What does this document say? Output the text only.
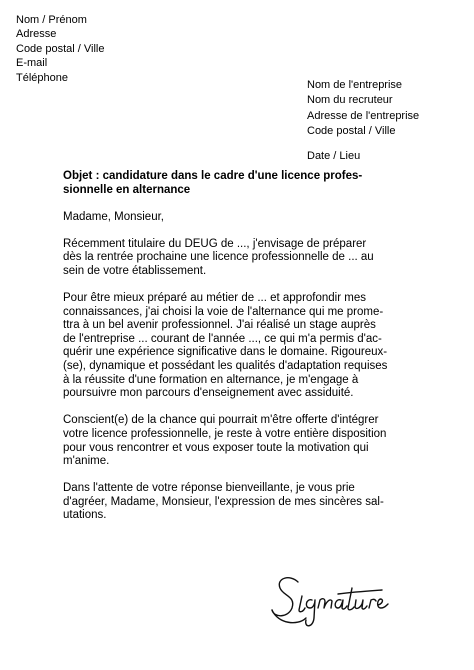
Nom / Prénom
Adresse
Code postal / Ville
E-mail
Téléphone
Nom de l'entreprise
Nom du recruteur
Adresse de l'entreprise
Code postal / Ville
Date / Lieu
Objet : candidature dans le cadre d'une licence profes-
sionnelle en alternance
Madame, Monsieur,
Récemment titulaire du DEUG de ..., j'envisage de préparer
dès la rentrée prochaine une licence professionnelle de ... au
sein de votre établissement.
Pour être mieux préparé au métier de ... et approfondir mes
connaissances, j'ai choisi la voie de l'alternance qui me prome-
ttra à un bel avenir professionnel. J'ai réalisé un stage auprès
de l'entreprise ... courant de l'année ..., ce qui m'a permis d'ac-
quérir une expérience significative dans le domaine. Rigoureux-
(se), dynamique et possédant les qualités d'adaptation requises
à la réussite d'une formation en alternance, je m'engage à
poursuivre mon parcours d'enseignement avec assiduité.
Conscient(e) de la chance qui pourrait m'être offerte d'intégrer
votre licence professionnelle, je reste à votre entière disposition
pour vous rencontrer et vous exposer toute la motivation qui
m'anime.
Dans l'attente de votre réponse bienveillante, je vous prie
d'agréer, Madame, Monsieur, l'expression de mes sincères sal-
utations.
